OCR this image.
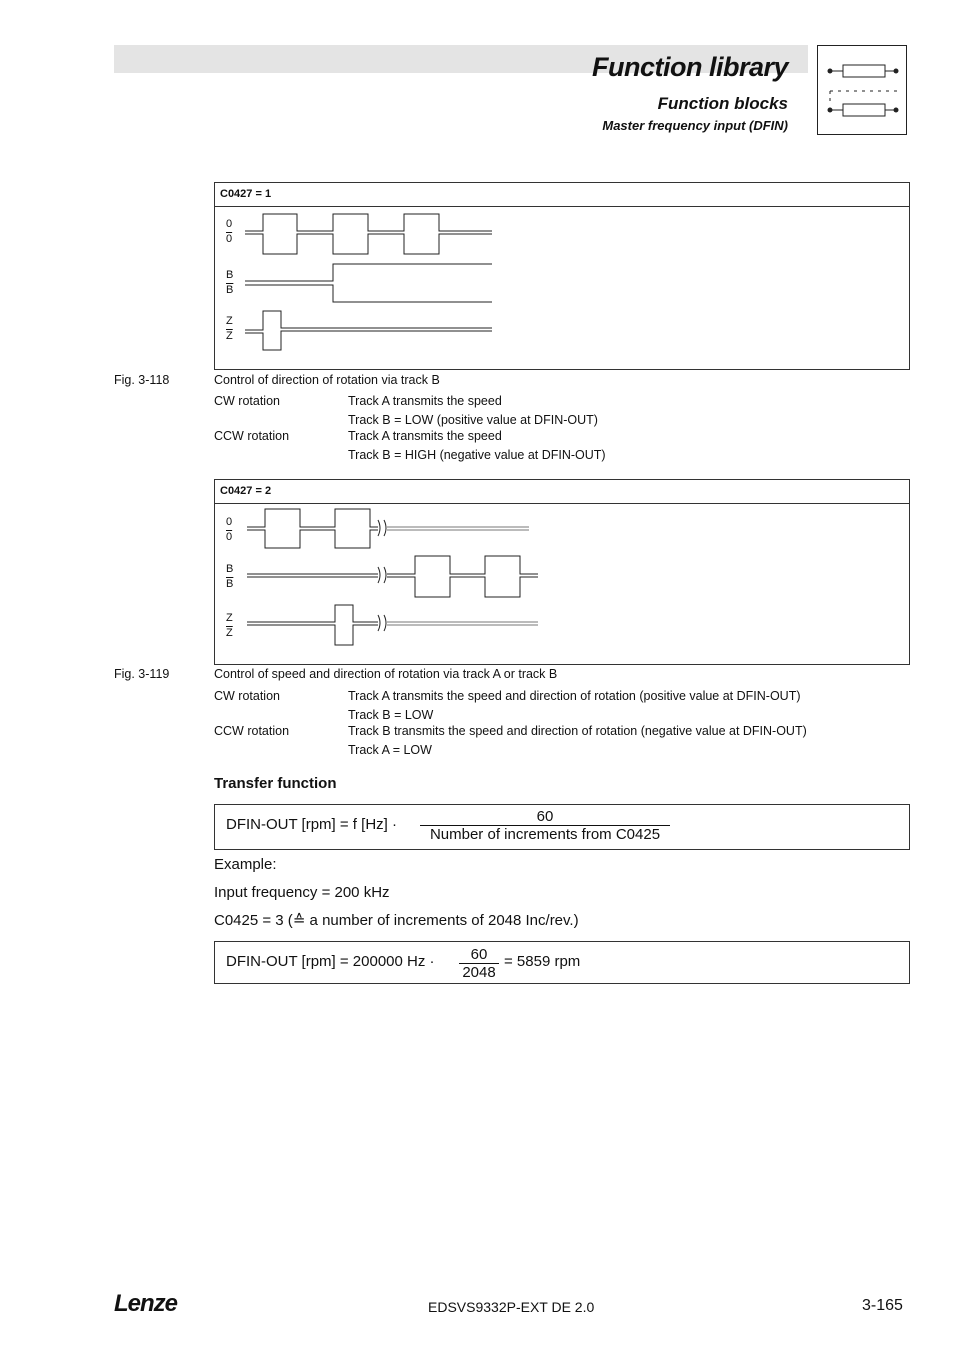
Function library
Function blocks
Master frequency input (DFIN)
C0427 = 1
0
0
B
$\overline{B}$
Z
$\overline{Z}$
Fig. 3-118	Control of direction of rotation via track B
CW rotation	Track A transmits the speed
Track B = LOW (positive value at DFIN-OUT)
CCW rotation	Track A transmits the speed
Track B = HIGH (negative value at DFIN-OUT)
C0427 = 2
0
0
B
$\overline{B}$
Z
$\overline{Z}$
Fig. 3-119	Control of speed and direction of rotation via track A or track B
CW rotation	Track A transmits the speed and direction of rotation (positive value at DFIN-OUT)
Track B = LOW
CCW rotation	Track B transmits the speed and direction of rotation (negative value at DFIN-OUT)
Track A = LOW
Transfer function
DFIN-OUT [rpm] = f [Hz] ·	60
Number of increments from C0425
Example:
Input frequency = 200 kHz
C0425 = 3 (≙ a number of increments of 2048 Inc/rev.)
DFIN-OUT [rpm] = 200000 $Hz \cdot \frac{60}{2048} = 5859$ rpm
Lenze	EDSVS9332P-EXT DE 2.0	3-165
